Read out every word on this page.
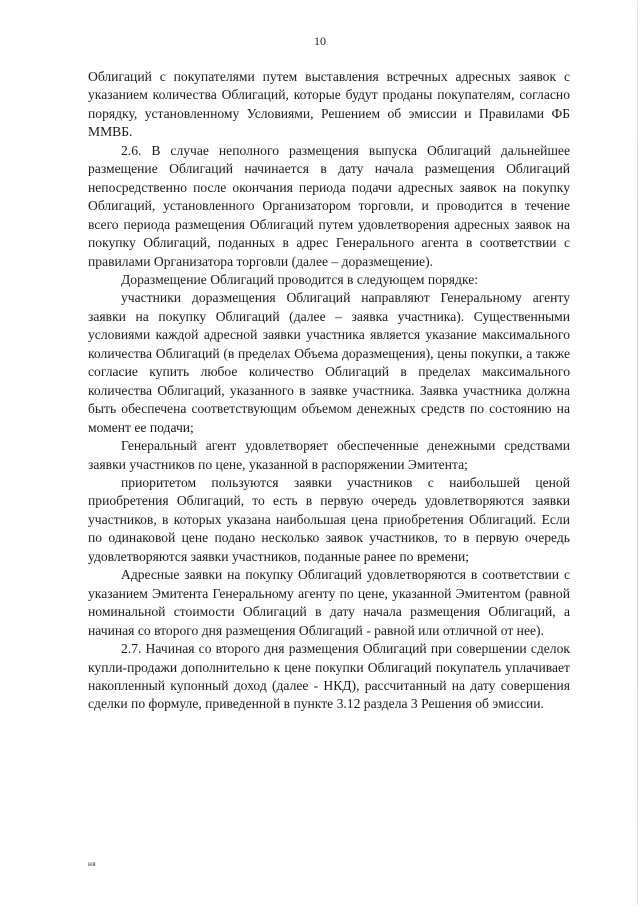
10

Облигаций с покупателями путем выставления встречных адресных заявок с указанием количества Облигаций, которые будут проданы покупателям, согласно порядку, установленному Условиями, Решением об эмиссии и Правилами ФБ ММВБ.

2.6. В случае неполного размещения выпуска Облигаций дальнейшее размещение Облигаций начинается в дату начала размещения Облигаций непосредственно после окончания периода подачи адресных заявок на покупку Облигаций, установленного Организатором торговли, и проводится в течение всего периода размещения Облигаций путем удовлетворения адресных заявок на покупку Облигаций, поданных в адрес Генерального агента в соответствии с правилами Организатора торговли (далее – доразмещение).

Доразмещение Облигаций проводится в следующем порядке:

участники доразмещения Облигаций направляют Генеральному агенту заявки на покупку Облигаций (далее – заявка участника). Существенными условиями каждой адресной заявки участника является указание максимального количества Облигаций (в пределах Объема доразмещения), цены покупки, а также согласие купить любое количество Облигаций в пределах максимального количества Облигаций, указанного в заявке участника. Заявка участника должна быть обеспечена соответствующим объемом денежных средств по состоянию на момент ее подачи;

Генеральный агент удовлетворяет обеспеченные денежными средствами заявки участников по цене, указанной в распоряжении Эмитента;

приоритетом пользуются заявки участников с наибольшей ценой приобретения Облигаций, то есть в первую очередь удовлетворяются заявки участников, в которых указана наибольшая цена приобретения Облигаций. Если по одинаковой цене подано несколько заявок участников, то в первую очередь удовлетворяются заявки участников, поданные ранее по времени;

Адресные заявки на покупку Облигаций удовлетворяются в соответствии с указанием Эмитента Генеральному агенту по цене, указанной Эмитентом (равной номинальной стоимости Облигаций в дату начала размещения Облигаций, а начиная со второго дня размещения Облигаций - равной или отличной от нее).

2.7. Начиная со второго дня размещения Облигаций при совершении сделок купли-продажи дополнительно к цене покупки Облигаций покупатель уплачивает накопленный купонный доход (далее - НКД), рассчитанный на дату совершения сделки по формуле, приведенной в пункте 3.12 раздела 3 Решения об эмиссии.

нв
